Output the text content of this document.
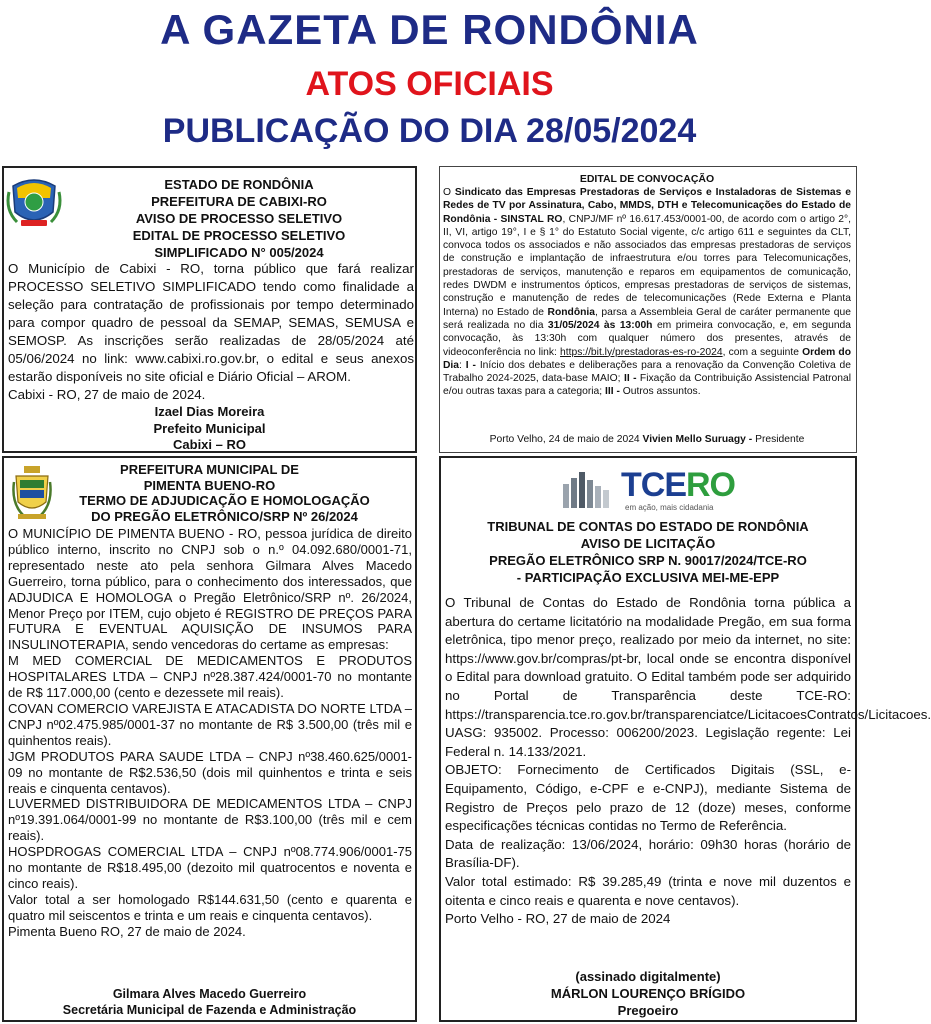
A GAZETA DE RONDÔNIA
ATOS OFICIAIS
PUBLICAÇÃO DO DIA 28/05/2024
ESTADO DE RONDÔNIA
PREFEITURA DE CABIXI-RO
AVISO DE PROCESSO SELETIVO
EDITAL DE PROCESSO SELETIVO
SIMPLIFICADO N° 005/2024
O Município de Cabixi - RO, torna público que fará realizar PROCESSO SELETIVO SIMPLIFICADO tendo como finalidade a seleção para contratação de profissionais por tempo determinado para compor quadro de pessoal da SEMAP, SEMAS, SEMUSA e SEMOSP. As inscrições serão realizadas de 28/05/2024 até 05/06/2024 no link: www.cabixi.ro.gov.br, o edital e seus anexos estarão disponíveis no site oficial e Diário Oficial – AROM.
Cabixi - RO, 27 de maio de 2024.
Izael Dias Moreira
Prefeito Municipal
Cabixi – RO
EDITAL DE CONVOCAÇÃO
O Sindicato das Empresas Prestadoras de Serviços e Instaladoras de Sistemas e Redes de TV por Assinatura, Cabo, MMDS, DTH e Telecomunicações do Estado de Rondônia - SINSTAL RO, CNPJ/MF nº 16.617.453/0001-00, de acordo com o artigo 2°, II, VI, artigo 19°, I e § 1° do Estatuto Social vigente, c/c artigo 611 e seguintes da CLT, convoca todos os associados e não associados das empresas prestadoras de serviços de construção e implantação de infraestrutura e/ou torres para Telecomunicações, prestadoras de serviços, manutenção e reparos em equipamentos de comunicação, redes DWDM e instrumentos ópticos, empresas prestadoras de serviços de sistemas, construção e manutenção de redes de telecomunicações (Rede Externa e Planta Interna) no Estado de Rondônia, parsa a Assembleia Geral de caráter permanente que será realizada no dia 31/05/2024 às 13:00h em primeira convocação, e, em segunda convocação, às 13:30h com qualquer número dos presentes, através de videoconferência no link: https://bit.ly/prestadoras-es-ro-2024, com a seguinte Ordem do Dia: I - Início dos debates e deliberações para a renovação da Convenção Coletiva de Trabalho 2024-2025, data-base MAIO; II - Fixação da Contribuição Assistencial Patronal e/ou outras taxas para a categoria; III - Outros assuntos.
Porto Velho, 24 de maio de 2024 Vivien Mello Suruagy - Presidente
PREFEITURA MUNICIPAL DE
PIMENTA BUENO-RO
TERMO DE ADJUDICAÇÃO E HOMOLOGAÇÃO
DO PREGÃO ELETRÔNICO/SRP Nº 26/2024
O MUNICÍPIO DE PIMENTA BUENO - RO, pessoa jurídica de direito público interno, inscrito no CNPJ sob o n.º 04.092.680/0001-71, representado neste ato pela senhora Gilmara Alves Macedo Guerreiro, torna público, para o conhecimento dos interessados, que ADJUDICA E HOMOLOGA o Pregão Eletrônico/SRP nº. 26/2024, Menor Preço por ITEM, cujo objeto é REGISTRO DE PREÇOS PARA FUTURA E EVENTUAL AQUISIÇÃO DE INSUMOS PARA INSULINOTERAPIA, sendo vencedoras do certame as empresas:
M MED COMERCIAL DE MEDICAMENTOS E PRODUTOS HOSPITALARES LTDA – CNPJ nº28.387.424/0001-70 no montante de R$ 117.000,00 (cento e dezessete mil reais).
COVAN COMERCIO VAREJISTA E ATACADISTA DO NORTE LTDA – CNPJ nº02.475.985/0001-37 no montante de R$ 3.500,00 (três mil e quinhentos reais).
JGM PRODUTOS PARA SAUDE LTDA – CNPJ nº38.460.625/0001-09 no montante de R$2.536,50 (dois mil quinhentos e trinta e seis reais e cinquenta centavos).
LUVERMED DISTRIBUIDORA DE MEDICAMENTOS LTDA – CNPJ nº19.391.064/0001-99 no montante de R$3.100,00 (três mil e cem reais).
HOSPDROGAS COMERCIAL LTDA – CNPJ nº08.774.906/0001-75 no montante de R$18.495,00 (dezoito mil quatrocentos e noventa e cinco reais).
Valor total a ser homologado R$144.631,50 (cento e quarenta e quatro mil seiscentos e trinta e um reais e cinquenta centavos).
Pimenta Bueno RO, 27 de maio de 2024.
Gilmara Alves Macedo Guerreiro
Secretária Municipal de Fazenda e Administração
TCERO
em ação, mais cidadania
TRIBUNAL DE CONTAS DO ESTADO DE RONDÔNIA
AVISO DE LICITAÇÃO
PREGÃO ELETRÔNICO SRP N. 90017/2024/TCE-RO
- PARTICIPAÇÃO EXCLUSIVA MEI-ME-EPP
O Tribunal de Contas do Estado de Rondônia torna pública a abertura do certame licitatório na modalidade Pregão, em sua forma eletrônica, tipo menor preço, realizado por meio da internet, no site: https://www.gov.br/compras/pt-br, local onde se encontra disponível o Edital para download gratuito. O Edital também pode ser adquirido no Portal de Transparência deste TCE-RO: https://transparencia.tce.ro.gov.br/transparenciatce/LicitacoesContratos/Licitacoes.
UASG: 935002. Processo: 006200/2023. Legislação regente: Lei Federal n. 14.133/2021.
OBJETO: Fornecimento de Certificados Digitais (SSL, e-Equipamento, Código, e-CPF e e-CNPJ), mediante Sistema de Registro de Preços pelo prazo de 12 (doze) meses, conforme especificações técnicas contidas no Termo de Referência.
Data de realização: 13/06/2024, horário: 09h30 horas (horário de Brasília-DF).
Valor total estimado: R$ 39.285,49 (trinta e nove mil duzentos e oitenta e cinco reais e quarenta e nove centavos).
Porto Velho - RO, 27 de maio de 2024
(assinado digitalmente)
MÁRLON LOURENÇO BRÍGIDO
Pregoeiro
